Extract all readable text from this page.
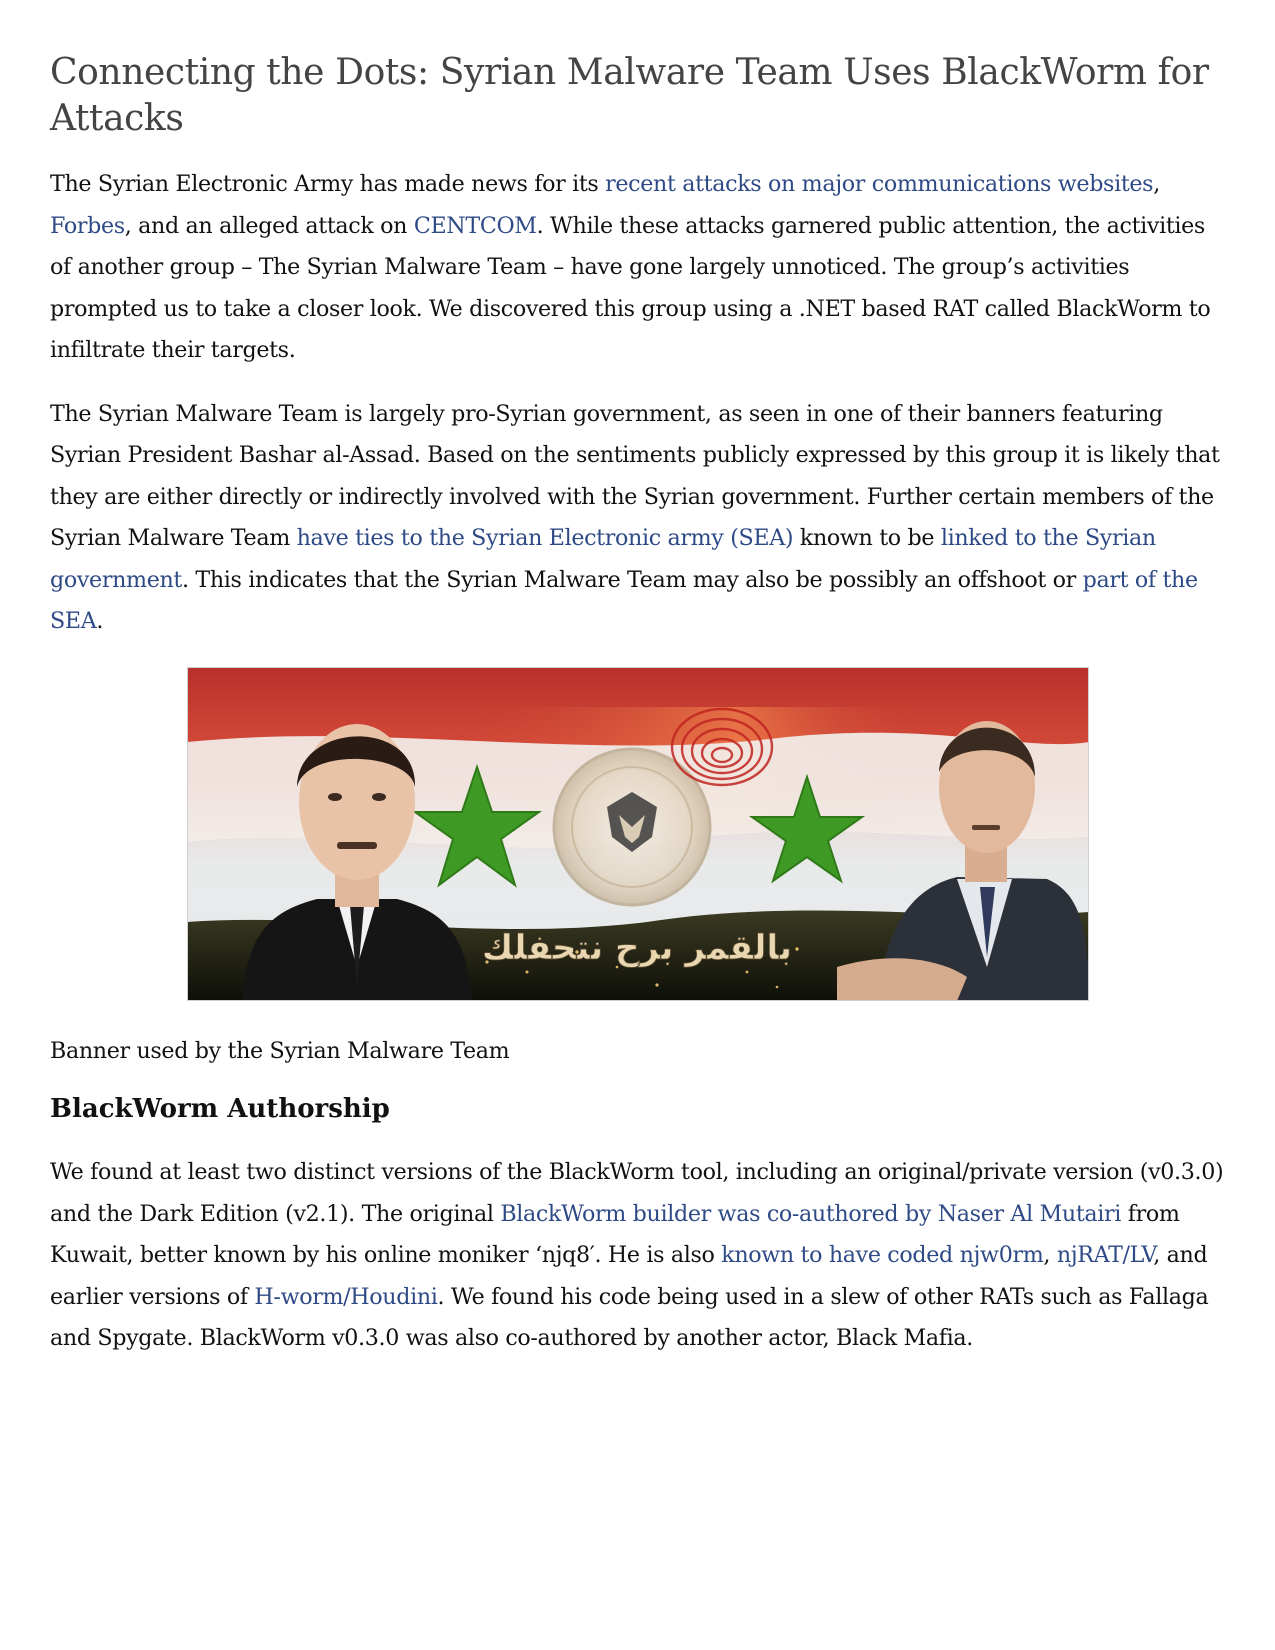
Connecting the Dots: Syrian Malware Team Uses BlackWorm for Attacks

The Syrian Electronic Army has made news for its recent attacks on major communications websites, Forbes, and an alleged attack on CENTCOM. While these attacks garnered public attention, the activities of another group – The Syrian Malware Team – have gone largely unnoticed. The group’s activities prompted us to take a closer look. We discovered this group using a .NET based RAT called BlackWorm to infiltrate their targets.

The Syrian Malware Team is largely pro-Syrian government, as seen in one of their banners featuring Syrian President Bashar al-Assad. Based on the sentiments publicly expressed by this group it is likely that they are either directly or indirectly involved with the Syrian government. Further certain members of the Syrian Malware Team have ties to the Syrian Electronic army (SEA) known to be linked to the Syrian government. This indicates that the Syrian Malware Team may also be possibly an offshoot or part of the SEA.

بالقمر برح نتحفلك

Banner used by the Syrian Malware Team

BlackWorm Authorship

We found at least two distinct versions of the BlackWorm tool, including an original/private version (v0.3.0) and the Dark Edition (v2.1). The original BlackWorm builder was co-authored by Naser Al Mutairi from Kuwait, better known by his online moniker ‘njq8′. He is also known to have coded njw0rm, njRAT/LV, and earlier versions of H-worm/Houdini. We found his code being used in a slew of other RATs such as Fallaga and Spygate. BlackWorm v0.3.0 was also co-authored by another actor, Black Mafia.
